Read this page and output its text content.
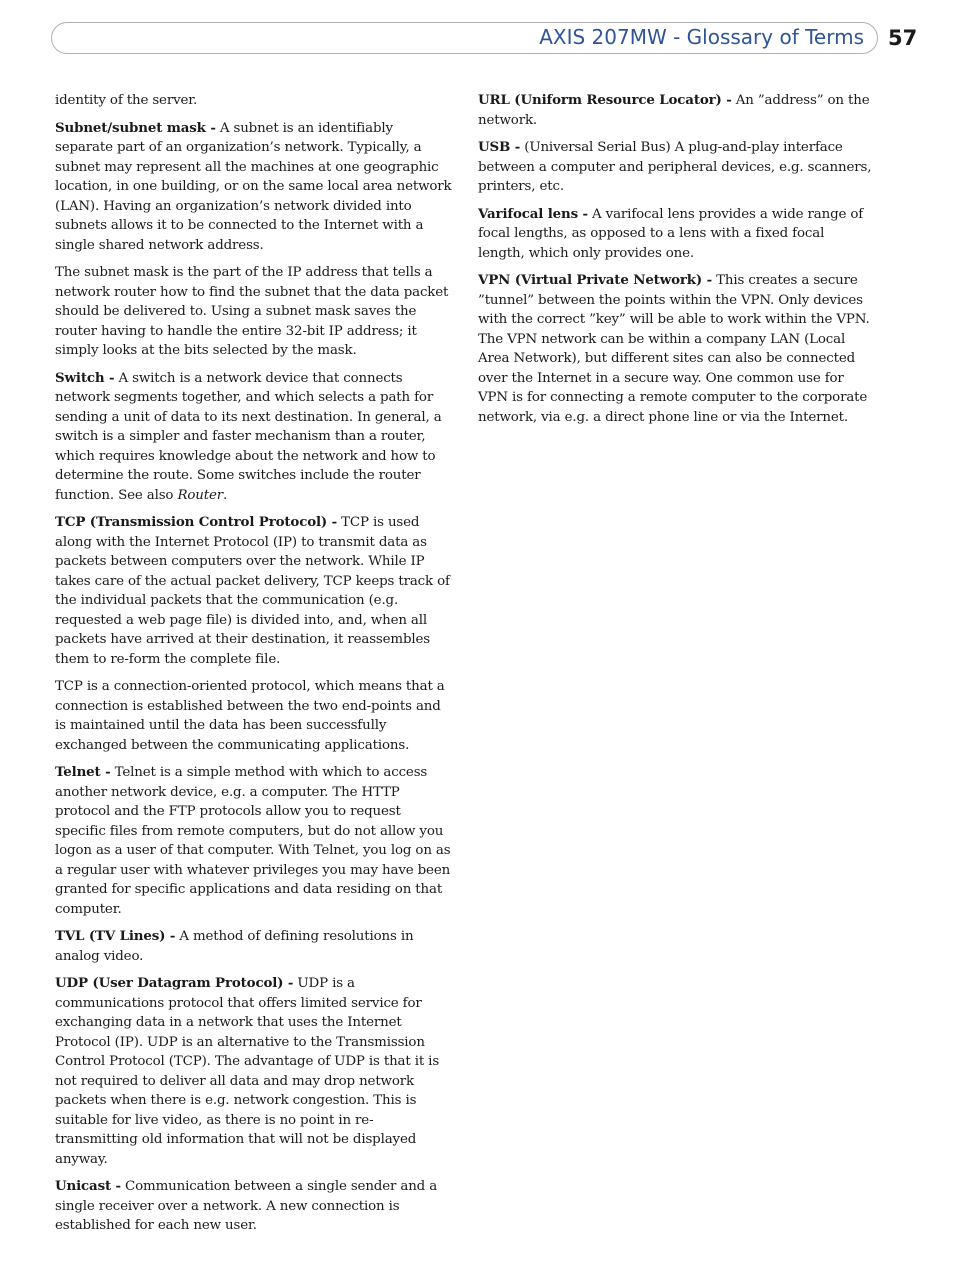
AXIS 207MW - Glossary of Terms 57

identity of the server.

Subnet/subnet mask - A subnet is an identifiably separate part of an organization’s network. Typically, a subnet may represent all the machines at one geographic location, in one building, or on the same local area network (LAN). Having an organization’s network divided into subnets allows it to be connected to the Internet with a single shared network address.

The subnet mask is the part of the IP address that tells a network router how to find the subnet that the data packet should be delivered to. Using a subnet mask saves the router having to handle the entire 32-bit IP address; it simply looks at the bits selected by the mask.

Switch - A switch is a network device that connects network segments together, and which selects a path for sending a unit of data to its next destination. In general, a switch is a simpler and faster mechanism than a router, which requires knowledge about the network and how to determine the route. Some switches include the router function. See also Router.

TCP (Transmission Control Protocol) - TCP is used along with the Internet Protocol (IP) to transmit data as packets between computers over the network. While IP takes care of the actual packet delivery, TCP keeps track of the individual packets that the communication (e.g. requested a web page file) is divided into, and, when all packets have arrived at their destination, it reassembles them to re-form the complete file.

TCP is a connection-oriented protocol, which means that a connection is established between the two end-points and is maintained until the data has been successfully exchanged between the communicating applications.

Telnet - Telnet is a simple method with which to access another network device, e.g. a computer. The HTTP protocol and the FTP protocols allow you to request specific files from remote computers, but do not allow you logon as a user of that computer. With Telnet, you log on as a regular user with whatever privileges you may have been granted for specific applications and data residing on that computer.

TVL (TV Lines) - A method of defining resolutions in analog video.

UDP (User Datagram Protocol) - UDP is a communications protocol that offers limited service for exchanging data in a network that uses the Internet Protocol (IP). UDP is an alternative to the Transmission Control Protocol (TCP). The advantage of UDP is that it is not required to deliver all data and may drop network packets when there is e.g. network congestion. This is suitable for live video, as there is no point in re-transmitting old information that will not be displayed anyway.

Unicast - Communication between a single sender and a single receiver over a network. A new connection is established for each new user.

URL (Uniform Resource Locator) - An ”address” on the network.

USB - (Universal Serial Bus) A plug-and-play interface between a computer and peripheral devices, e.g. scanners, printers, etc.

Varifocal lens - A varifocal lens provides a wide range of focal lengths, as opposed to a lens with a fixed focal length, which only provides one.

VPN (Virtual Private Network) - This creates a secure ”tunnel” between the points within the VPN. Only devices with the correct ”key” will be able to work within the VPN. The VPN network can be within a company LAN (Local Area Network), but different sites can also be connected over the Internet in a secure way. One common use for VPN is for connecting a remote computer to the corporate network, via e.g. a direct phone line or via the Internet.
